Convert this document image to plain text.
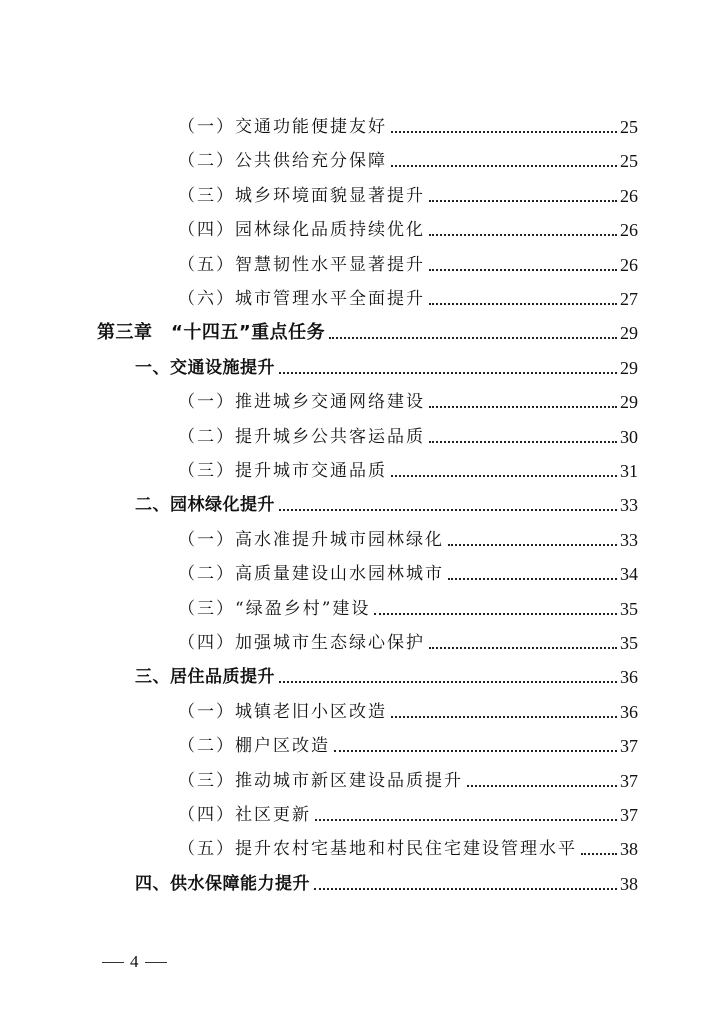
（一）交通功能便捷友好	25
（二）公共供给充分保障	25
（三）城乡环境面貌显著提升	26
（四）园林绿化品质持续优化	26
（五）智慧韧性水平显著提升	26
（六）城市管理水平全面提升	27
第三章　“十四五”重点任务	29
一、交通设施提升	29
（一）推进城乡交通网络建设	29
（二）提升城乡公共客运品质	30
（三）提升城市交通品质	31
二、园林绿化提升	33
（一）高水准提升城市园林绿化	33
（二）高质量建设山水园林城市	34
（三）“绿盈乡村”建设	35
（四）加强城市生态绿心保护	35
三、居住品质提升	36
（一）城镇老旧小区改造	36
（二）棚户区改造	37
（三）推动城市新区建设品质提升	37
（四）社区更新	37
（五）提升农村宅基地和村民住宅建设管理水平 38
四、供水保障能力提升	38
4
